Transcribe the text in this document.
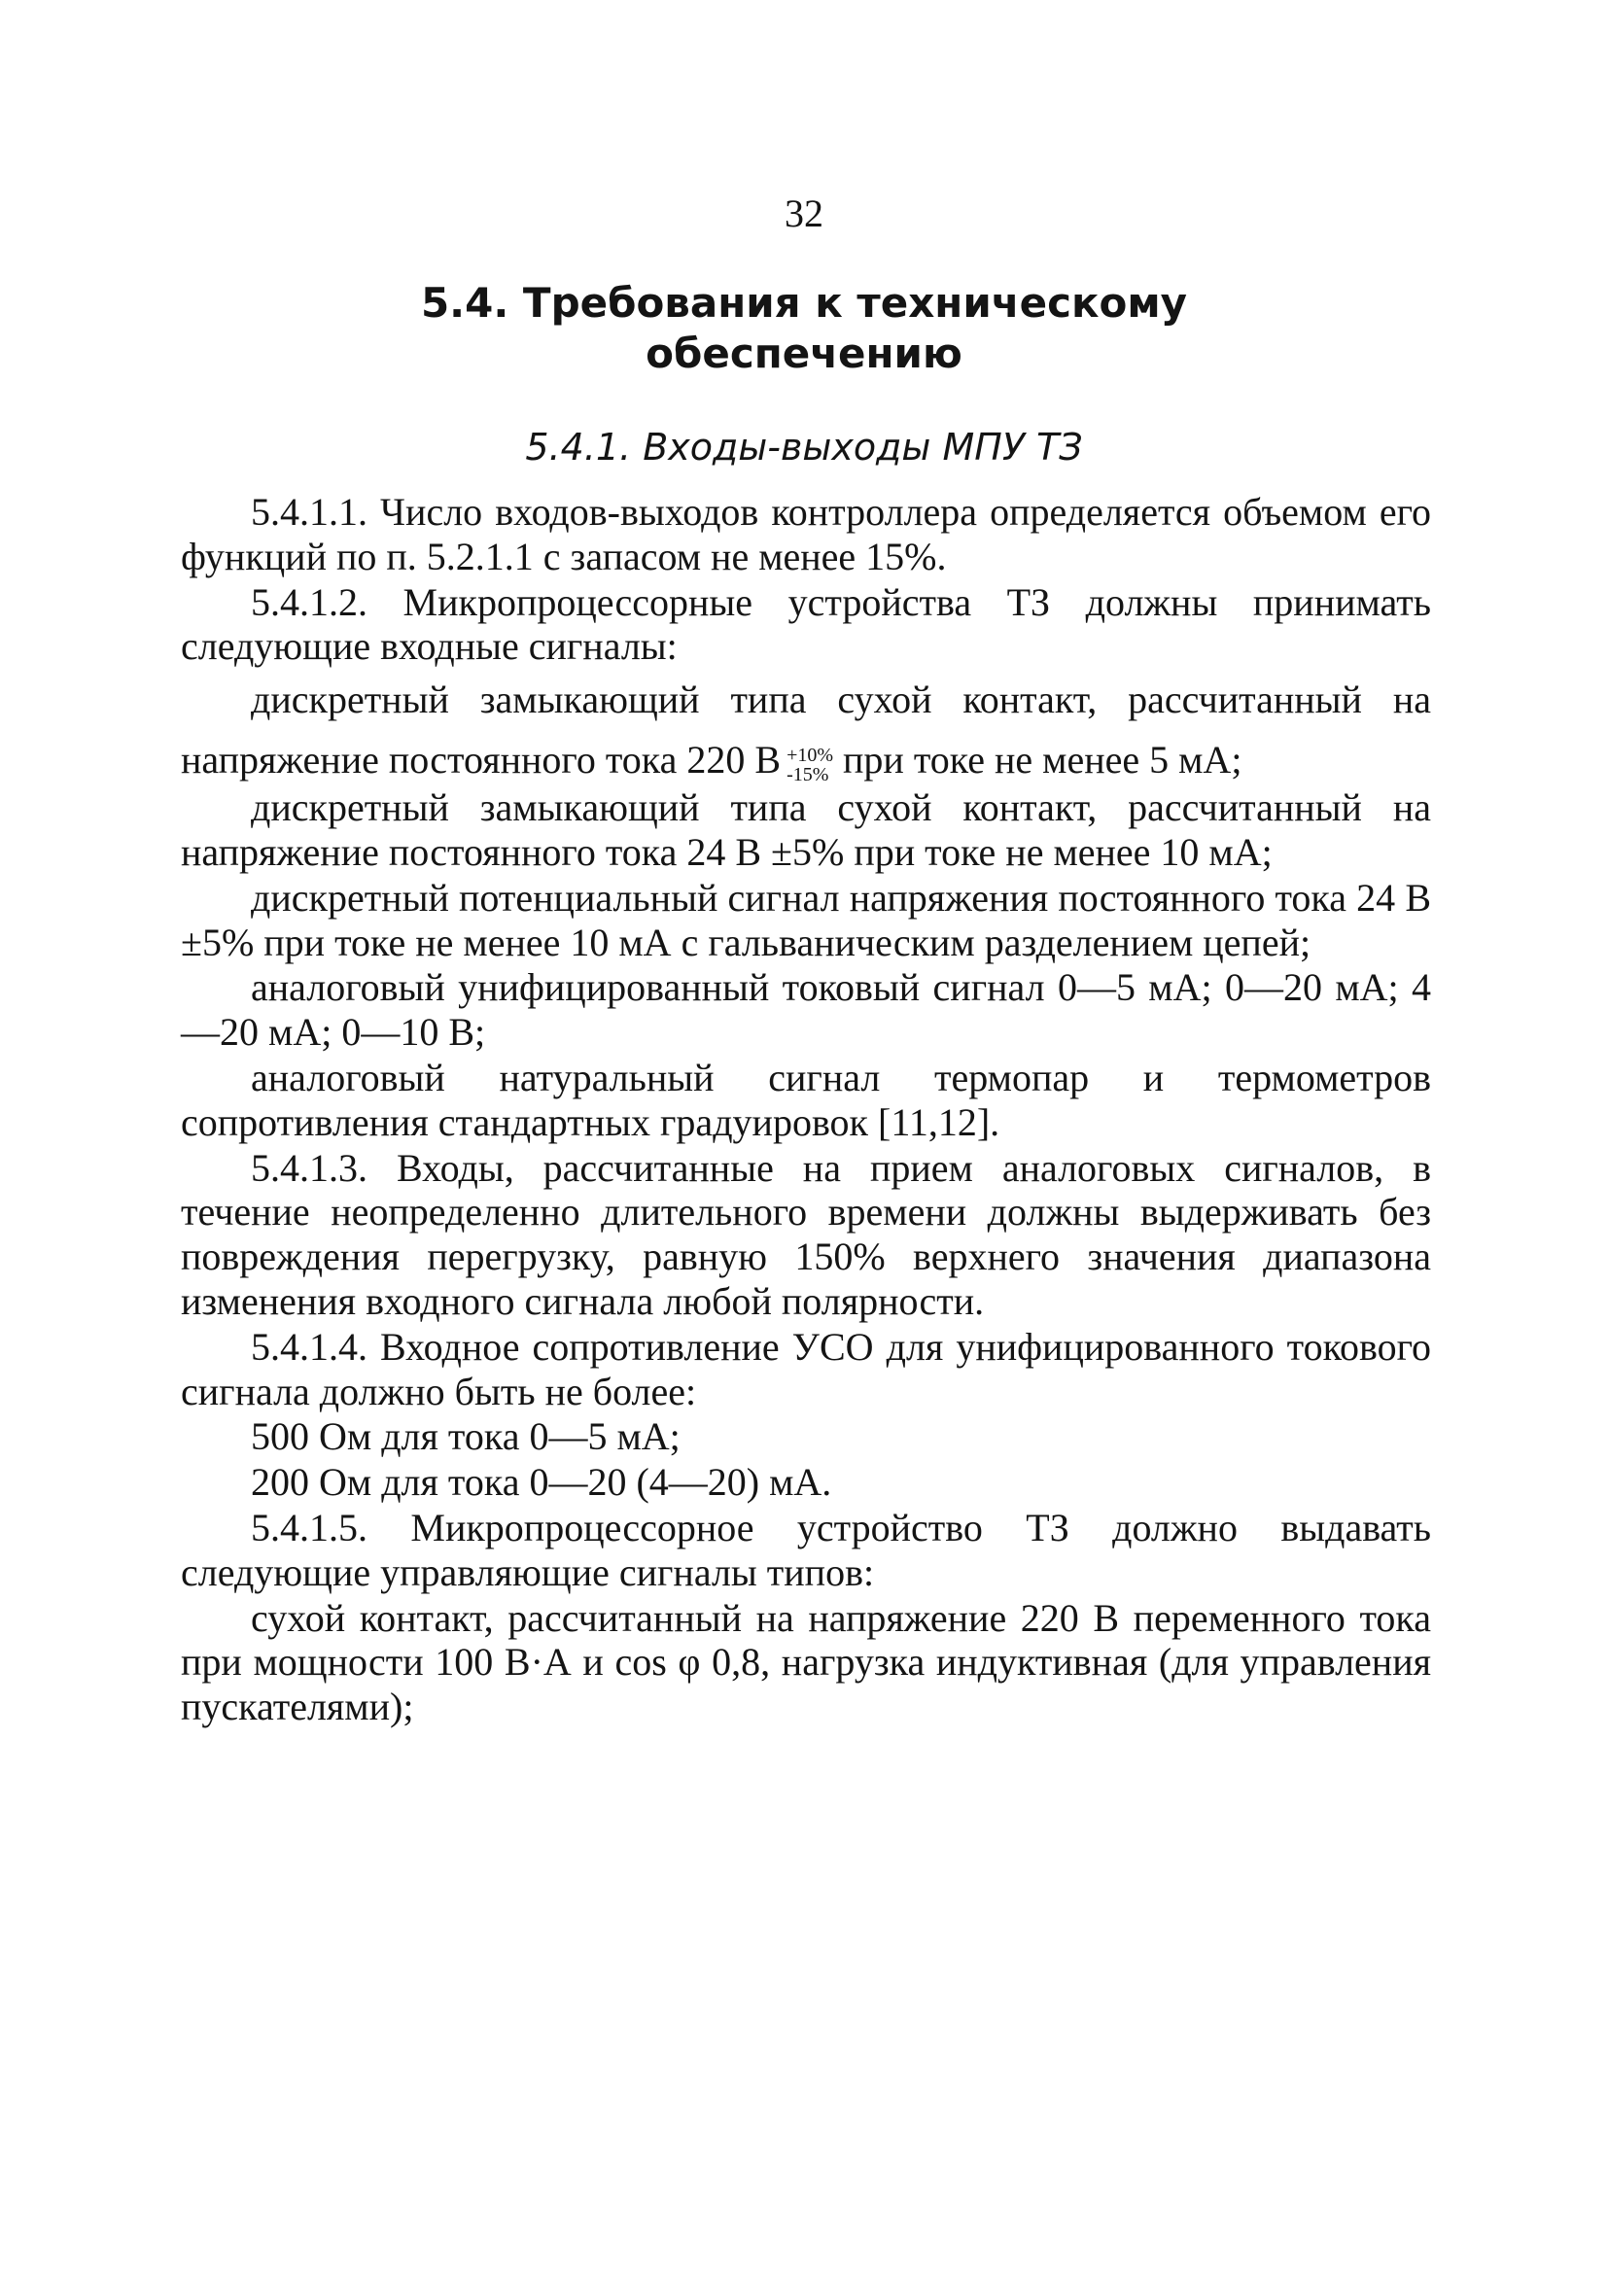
32
5.4. Требования к техническому
обеспечению
5.4.1. Входы-выходы МПУ ТЗ

5.4.1.1. Число входов-выходов контроллера определяется объемом его функций по п. 5.2.1.1 с запасом не менее 15%.

5.4.1.2. Микропроцессорные устройства ТЗ должны принимать следующие входные сигналы:

дискретный замыкающий типа сухой контакт, рассчитанный на напряжение постоянного тока 220 В +10%
-15% при токе не менее 5 мА;

дискретный замыкающий типа сухой контакт, рассчитанный на напряжение постоянного тока 24 В ±5% при токе не менее 10 мА;

дискретный потенциальный сигнал напряжения постоянного тока 24 В ±5% при токе не менее 10 мА с гальваническим разделением цепей;

аналоговый унифицированный токовый сигнал 0—5 мА; 0—20 мА; 4—20 мА; 0—10 В;

аналоговый натуральный сигнал термопар и термометров сопротивления стандартных градуировок [11,12].

5.4.1.3. Входы, рассчитанные на прием аналоговых сигналов, в течение неопределенно длительного времени должны выдерживать без повреждения перегрузку, равную 150% верхнего значения диапазона изменения входного сигнала любой полярности.

5.4.1.4. Входное сопротивление УСО для унифицированного токового сигнала должно быть не более:

500 Ом для тока 0—5 мА;

200 Ом для тока 0—20 (4—20) мА.

5.4.1.5. Микропроцессорное устройство ТЗ должно выдавать следующие управляющие сигналы типов:

сухой контакт, рассчитанный на напряжение 220 В переменного тока при мощности 100 В·А и cos φ 0,8, нагрузка индуктивная (для управления пускателями);
